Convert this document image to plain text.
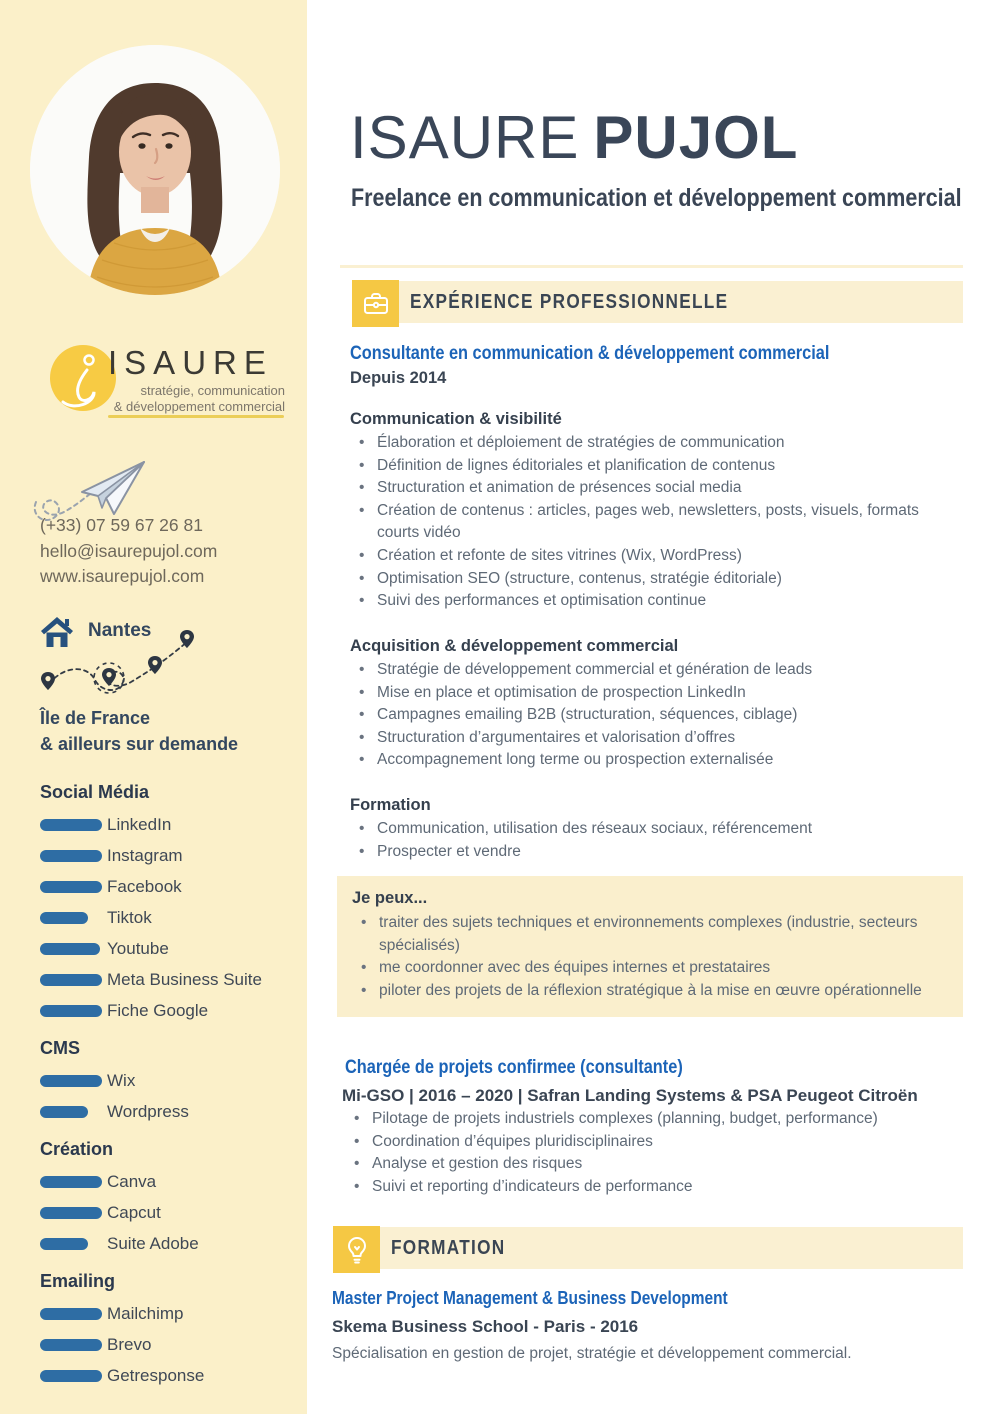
ISAURE
stratégie, communication
& développement commercial
(+33) 07 59 67 26 81
hello@isaurepujol.com
www.isaurepujol.com
Nantes
Île de France
& ailleurs sur demande
Social Média
LinkedIn
Instagram
Facebook
Tiktok
Youtube
Meta Business Suite
Fiche Google
CMS
Wix
Wordpress
Création
Canva
Capcut
Suite Adobe
Emailing
Mailchimp
Brevo
Getresponse
ISAURE PUJOL
Freelance en communication et développement commercial
EXPÉRIENCE PROFESSIONNELLE
Consultante en communication & développement commercial
Depuis 2014
Communication & visibilité
• Élaboration et déploiement de stratégies de communication
• Définition de lignes éditoriales et planification de contenus
• Structuration et animation de présences social media
• Création de contenus : articles, pages web, newsletters, posts, visuels, formats courts vidéo
• Création et refonte de sites vitrines (Wix, WordPress)
• Optimisation SEO (structure, contenus, stratégie éditoriale)
• Suivi des performances et optimisation continue
Acquisition & développement commercial
• Stratégie de développement commercial et génération de leads
• Mise en place et optimisation de prospection LinkedIn
• Campagnes emailing B2B (structuration, séquences, ciblage)
• Structuration d’argumentaires et valorisation d’offres
• Accompagnement long terme ou prospection externalisée
Formation
• Communication, utilisation des réseaux sociaux, référencement
• Prospecter et vendre
Je peux...
• traiter des sujets techniques et environnements complexes (industrie, secteurs spécialisés)
• me coordonner avec des équipes internes et prestataires
• piloter des projets de la réflexion stratégique à la mise en œuvre opérationnelle
Chargée de projets confirmee (consultante)
Mi-GSO | 2016 – 2020 | Safran Landing Systems & PSA Peugeot Citroën
• Pilotage de projets industriels complexes (planning, budget, performance)
• Coordination d’équipes pluridisciplinaires
• Analyse et gestion des risques
• Suivi et reporting d’indicateurs de performance
FORMATION
Master Project Management & Business Development
Skema Business School - Paris - 2016
Spécialisation en gestion de projet, stratégie et développement commercial.
